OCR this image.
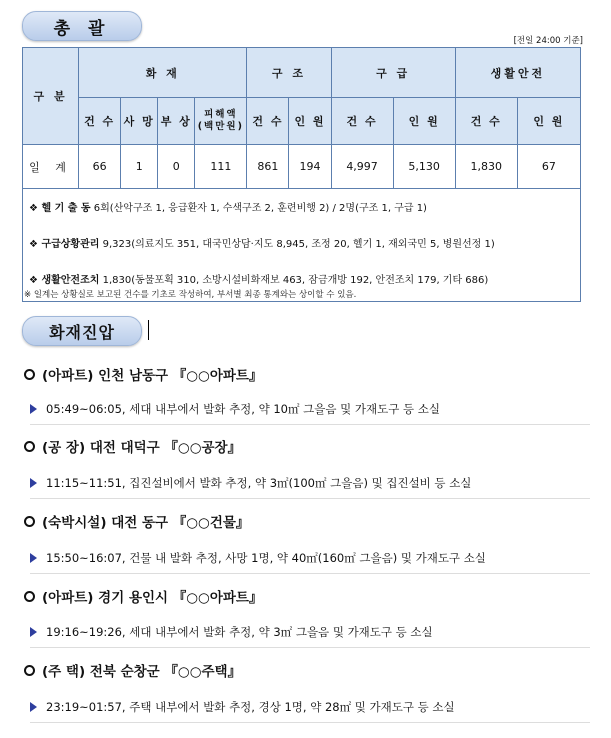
총 괄
[전일 24:00 기준]
구 분	화 재				구 조		구 급		생활안전	
	건 수	사 망	부 상	피해액
(백만원)	건 수	인 원	건 수	인 원	건 수	인 원
일 계	66	1	0	111	861	194	4,997	5,130	1,830	67

❖ 헬 기 출 동 6회(산악구조 1, 응급환자 1, 수색구조 2, 훈련비행 2) / 2명(구조 1, 구급 1)
❖ 구급상황관리 9,323(의료지도 351, 대국민상담·지도 8,945, 조정 20, 헬기 1, 재외국민 5, 병원선정 1)
❖ 생활안전조치 1,830(동물포획 310, 소방시설비화재보 463, 잠금개방 192, 안전조치 179, 기타 686)										
※ 일계는 상황실로 보고된 건수를 기초로 작성하여, 부서별 최종 통계와는 상이할 수 있음.
화재진압
(아파트) 인천 남동구 『○○아파트』
05:49~06:05, 세대 내부에서 발화 추정, 약 10㎡ 그을음 및 가재도구 등 소실
(공 장) 대전 대덕구 『○○공장』
11:15~11:51, 집진설비에서 발화 추정, 약 3㎡(100㎡ 그을음) 및 집진설비 등 소실
(숙박시설) 대전 동구 『○○건물』
15:50~16:07, 건물 내 발화 추정, 사망 1명, 약 40㎡(160㎡ 그을음) 및 가재도구 소실
(아파트) 경기 용인시 『○○아파트』
19:16~19:26, 세대 내부에서 발화 추정, 약 3㎡ 그을음 및 가재도구 등 소실
(주 택) 전북 순창군 『○○주택』
23:19~01:57, 주택 내부에서 발화 추정, 경상 1명, 약 28㎡ 및 가재도구 등 소실
